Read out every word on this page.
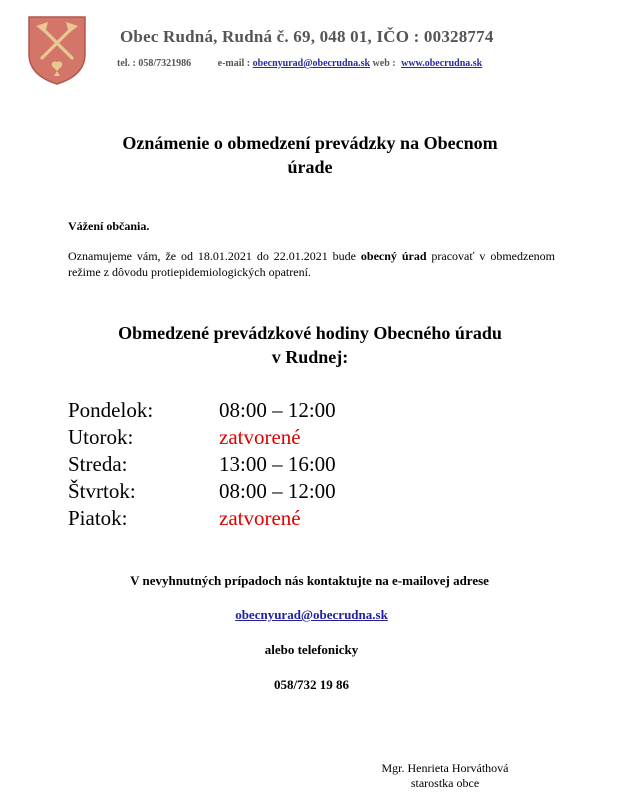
Obec Rudná, Rudná č. 69, 048 01, IČO : 00328774
tel. : 058/7321986	e-mail : obecnyurad@obecrudna.sk web : www.obecrudna.sk
Oznámenie o obmedzení prevádzky na Obecnom
úrade
Vážení občania.
Oznamujeme vám, že od 18.01.2021 do 22.01.2021 bude obecný úrad pracovať v obmedzenom režime z dôvodu protiepidemiologických opatrení.
Obmedzené prevádzkové hodiny Obecného úradu
v Rudnej:
Pondelok:	08:00 – 12:00
Utorok:	zatvorené
Streda:	13:00 – 16:00
Štvrtok:	08:00 – 12:00
Piatok:	zatvorené
V nevyhnutných prípadoch nás kontaktujte na e-mailovej adrese
obecnyurad@obecrudna.sk
alebo telefonicky
058/732 19 86
Mgr. Henrieta Horváthová
starostka obce
